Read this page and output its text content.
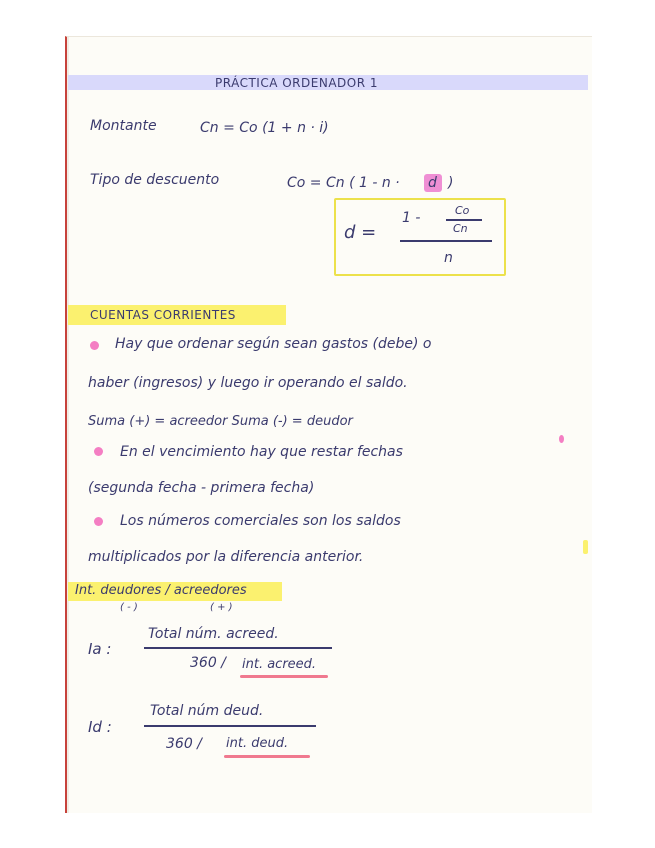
PRÁCTICA ORDENADOR 1
Montante	Cn = Co (1 + n · i)
Tipo de descuento	Co = Cn ( 1 - n · d )
d =
1 -	Co
Cn
n
CUENTAS CORRIENTES
Hay que ordenar según sean gastos (debe) o
haber (ingresos) y luego ir operando el saldo.
Suma (+) = acreedor Suma (-) = deudor
En el vencimiento hay que restar fechas
(segunda fecha - primera fecha)
Los números comerciales son los saldos
multiplicados por la diferencia anterior.
Int. deudores / acreedores
( - )	( + )
Ia :
Total núm. acreed.
360 / int. acreed.
Id :
Total núm deud.
360 / int. deud.
